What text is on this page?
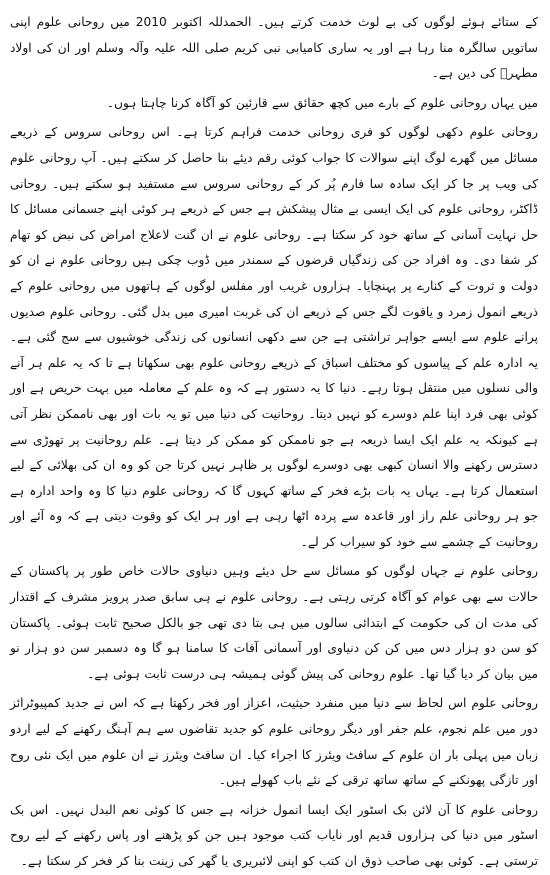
کے ستائے ہوئے لوگوں کی بے لوث خدمت کرتے ہیں۔ الحمدللہ اکتوبر 2010 میں روحانی علوم اپنی ساتویں سالگرہ منا رہا ہے اور یہ ساری کامیابی نبی کریم صلی اللہ علیہ وآلہ وسلم اور ان کی اولاد مطہرؑ کی دین ہے۔

میں یہاں روحانی علوم کے بارے میں کچھ حقائق سے قارئین کو آگاہ کرنا چاہتا ہوں۔

روحانی علوم دکھی لوگوں کو فری روحانی خدمت فراہم کرتا ہے۔ اس روحانی سروس کے ذریعے مسائل میں گھرے لوگ اپنے سوالات کا جواب کوئی رقم دیئے بنا حاصل کر سکتے ہیں۔ آپ روحانی علوم کی ویب پر جا کر ایک سادہ سا فارم پُر کر کے روحانی سروس سے مستفید ہو سکتے ہیں۔ روحانی ڈاکٹر، روحانی علوم کی ایک ایسی بے مثال پیشکش ہے جس کے ذریعے ہر کوئی اپنے جسمانی مسائل کا حل نہایت آسانی کے ساتھ خود کر سکتا ہے۔ روحانی علوم نے ان گنت لاعلاج امراض کی نبض کو تھام کر شفا دی۔ وہ افراد جن کی زندگیاں قرضوں کے سمندر میں ڈوب چکی ہیں روحانی علوم نے ان کو دولت و ثروت کے کنارے پر پہنچایا۔ ہزاروں غریب اور مفلس لوگوں کے ہاتھوں میں روحانی علوم کے ذریعے انمول زمرد و یاقوت لگے جس کے ذریعے ان کی غربت امیری میں بدل گئی۔ روحانی علوم صدیوں پرانے علوم سے ایسے جواہر تراشتی ہے جن سے دکھی انسانوں کی زندگی خوشیوں سے سج گئی ہے۔ یہ ادارہ علم کے پیاسوں کو مختلف اسباق کے ذریعے روحانی علوم بھی سکھاتا ہے تا کہ یہ علم ہر آنے والی نسلوں میں منتقل ہوتا رہے۔ دنیا کا یہ دستور ہے کہ وہ علم کے معاملہ میں بہت حریص ہے اور کوئی بھی فرد اپنا علم دوسرے کو نہیں دیتا۔ روحانیت کی دنیا میں تو یہ بات اور بھی ناممکن نظر آتی ہے کیونکہ یہ علم ایک ایسا ذریعہ ہے جو ناممکن کو ممکن کر دیتا ہے۔ علم روحانیت پر تھوڑی سے دسترس رکھنے والا انسان کبھی بھی دوسرے لوگوں پر ظاہر نہیں کرتا جن کو وہ ان کی بھلائی کے لیے استعمال کرتا ہے۔ یہاں یہ بات بڑے فخر کے ساتھ کہوں گا کہ روحانی علوم دنیا کا وہ واحد ادارہ ہے جو ہر روحانی علم راز اور قاعدہ سے پردہ اٹھا رہی ہے اور ہر ایک کو وقوت دیتی ہے کہ وہ آئے اور روحانیت کے چشمے سے خود کو سیراب کر لے۔

روحانی علوم نے جہاں لوگوں کو مسائل سے حل دیئے وہیں دنیاوی حالات خاص طور پر پاکستان کے حالات سے بھی عوام کو آگاہ کرتی رہتی ہے۔ روحانی علوم نے ہی سابق صدر پرویز مشرف کے اقتدار کی مدت ان کی حکومت کے ابتدائی سالوں میں ہی بتا دی تھی جو بالکل صحیح ثابت ہوئی۔ پاکستان کو سن دو ہزار دس میں کن کن دنیاوی اور آسمانی آفات کا سامنا ہو گا وہ دسمبر سن دو ہزار نو میں بیان کر دیا گیا تھا۔ علوم روحانی کی پیش گوئی ہمیشہ ہی درست ثابت ہوئی ہے۔

روحانی علوم اس لحاظ سے دنیا میں منفرد حیثیت، اعزاز اور فخر رکھتا ہے کہ اس نے جدید کمپیوٹرائز دور میں علم نجوم، علم جفر اور دیگر روحانی علوم کو جدید تقاضوں سے ہم آہنگ رکھنے کے لیے اردو زبان میں پہلی بار ان علوم کے سافٹ ویئرز کا اجراء کیا۔ ان سافٹ ویئرز نے ان علوم میں ایک نئی روح اور تازگی پھونکنے کے ساتھ ساتھ ترقی کے نئے باب کھولے ہیں۔

روحانی علوم کا آن لائن بک اسٹور ایک ایسا انمول خزانہ ہے جس کا کوئی نعم البدل نہیں۔ اس بک اسٹور میں دنیا کی ہزاروں قدیم اور نایاب کتب موجود ہیں جن کو پڑھنے اور پاس رکھنے کے لیے روح ترستی ہے۔ کوئی بھی صاحب ذوق ان کتب کو اپنی لائبریری یا گھر کی زینت بنا کر فخر کر سکتا ہے۔
